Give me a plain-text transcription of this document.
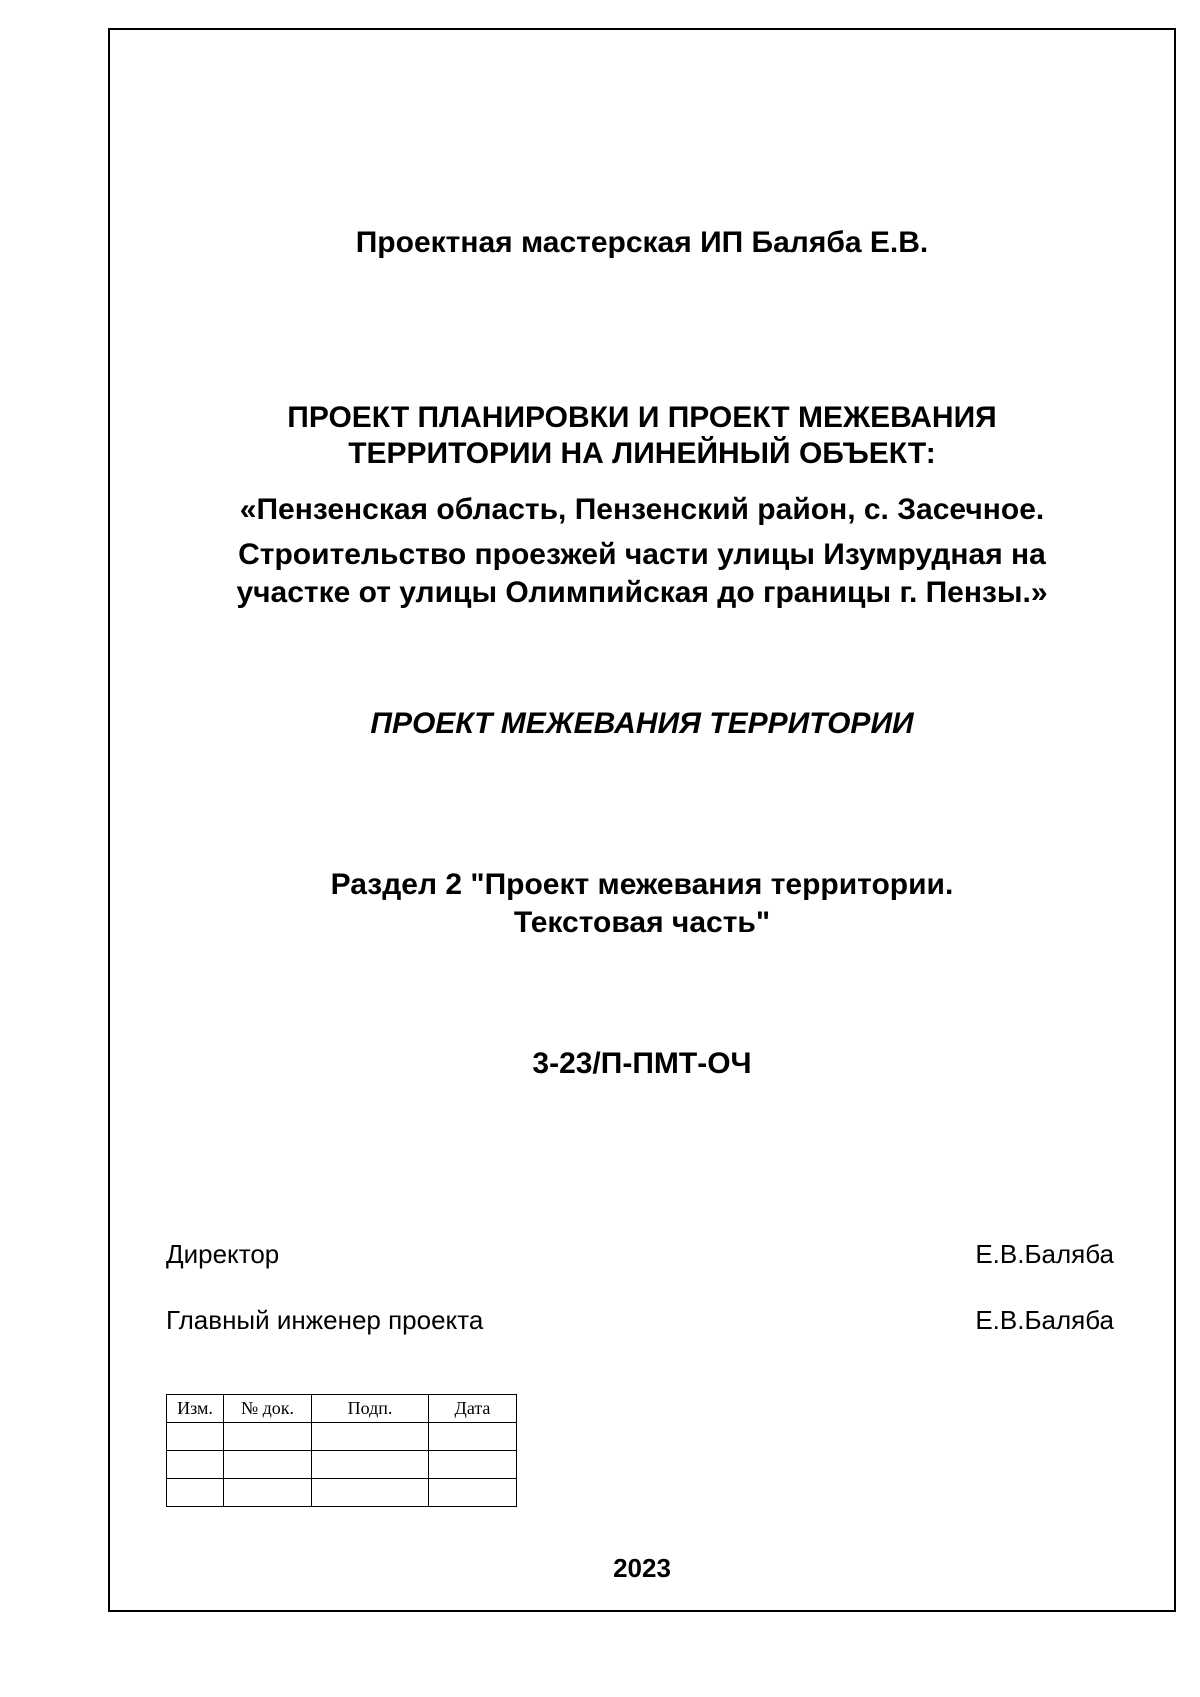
Проектная мастерская ИП Баляба Е.В.
ПРОЕКТ ПЛАНИРОВКИ И ПРОЕКТ МЕЖЕВАНИЯ
ТЕРРИТОРИИ НА ЛИНЕЙНЫЙ ОБЪЕКТ:
«Пензенская область, Пензенский район, с. Засечное.
Строительство проезжей части улицы Изумрудная на
участке от улицы Олимпийская до границы г. Пензы.»
ПРОЕКТ МЕЖЕВАНИЯ ТЕРРИТОРИИ
Раздел 2 "Проект межевания территории.
Текстовая часть"
3-23/П-ПМТ-ОЧ
Директор	Е.В.Баляба
Главный инженер проекта	Е.В.Баляба
Изм.	№ док.	Подп.	Дата

2023
